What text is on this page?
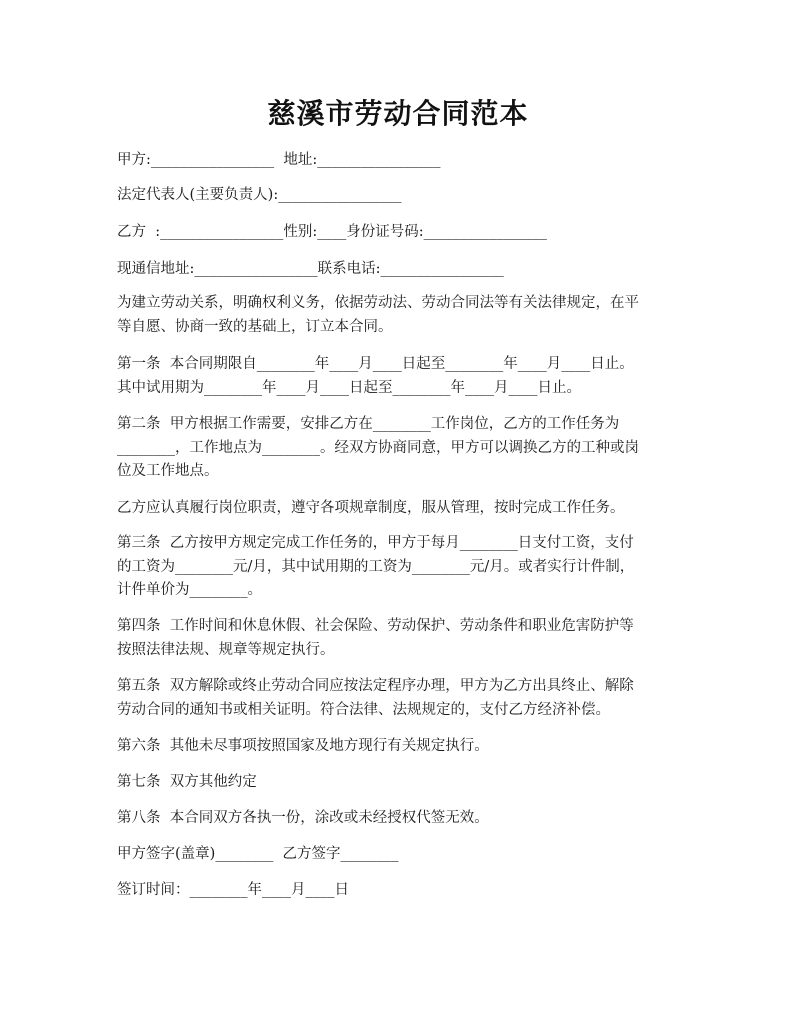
慈溪市劳动合同范本
甲方:_________________  地址:_________________
法定代表人(主要负责人):_________________
乙方  :_________________性别:____身份证号码:_________________
现通信地址:_________________联系电话:_________________
为建立劳动关系，明确权利义务，依据劳动法、劳动合同法等有关法律规定，在平
等自愿、协商一致的基础上，订立本合同。
第一条  本合同期限自________年____月____日起至________年____月____日止。
其中试用期为________年____月____日起至________年____月____日止。
第二条  甲方根据工作需要，安排乙方在________工作岗位，乙方的工作任务为
________，工作地点为________。经双方协商同意，甲方可以调换乙方的工种或岗
位及工作地点。
乙方应认真履行岗位职责，遵守各项规章制度，服从管理，按时完成工作任务。
第三条  乙方按甲方规定完成工作任务的，甲方于每月________日支付工资，支付
的工资为________元/月，其中试用期的工资为________元/月。或者实行计件制，
计件单价为________。
第四条  工作时间和休息休假、社会保险、劳动保护、劳动条件和职业危害防护等
按照法律法规、规章等规定执行。
第五条  双方解除或终止劳动合同应按法定程序办理，甲方为乙方出具终止、解除
劳动合同的通知书或相关证明。符合法律、法规规定的，支付乙方经济补偿。
第六条  其他未尽事项按照国家及地方现行有关规定执行。
第七条  双方其他约定
第八条  本合同双方各执一份，涂改或未经授权代签无效。
甲方签字(盖章)________  乙方签字________
签订时间：________年____月____日
